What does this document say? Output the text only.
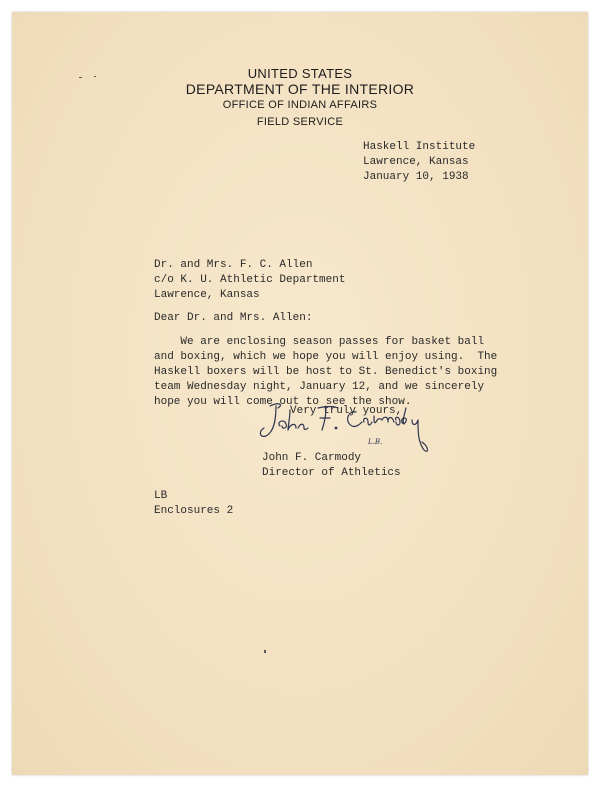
UNITED STATES
DEPARTMENT OF THE INTERIOR
OFFICE OF INDIAN AFFAIRS
FIELD SERVICE
Haskell Institute
Lawrence, Kansas
January 10, 1938
Dr. and Mrs. F. C. Allen
c/o K. U. Athletic Department
Lawrence, Kansas
Dear Dr. and Mrs. Allen:
We are enclosing season passes for basket ball
and boxing, which we hope you will enjoy using.  The
Haskell boxers will be host to St. Benedict's boxing
team Wednesday night, January 12, and we sincerely
hope you will come out to see the show.
Very truly yours,
L.B.
John F. Carmody
Director of Athletics
LB
Enclosures 2
